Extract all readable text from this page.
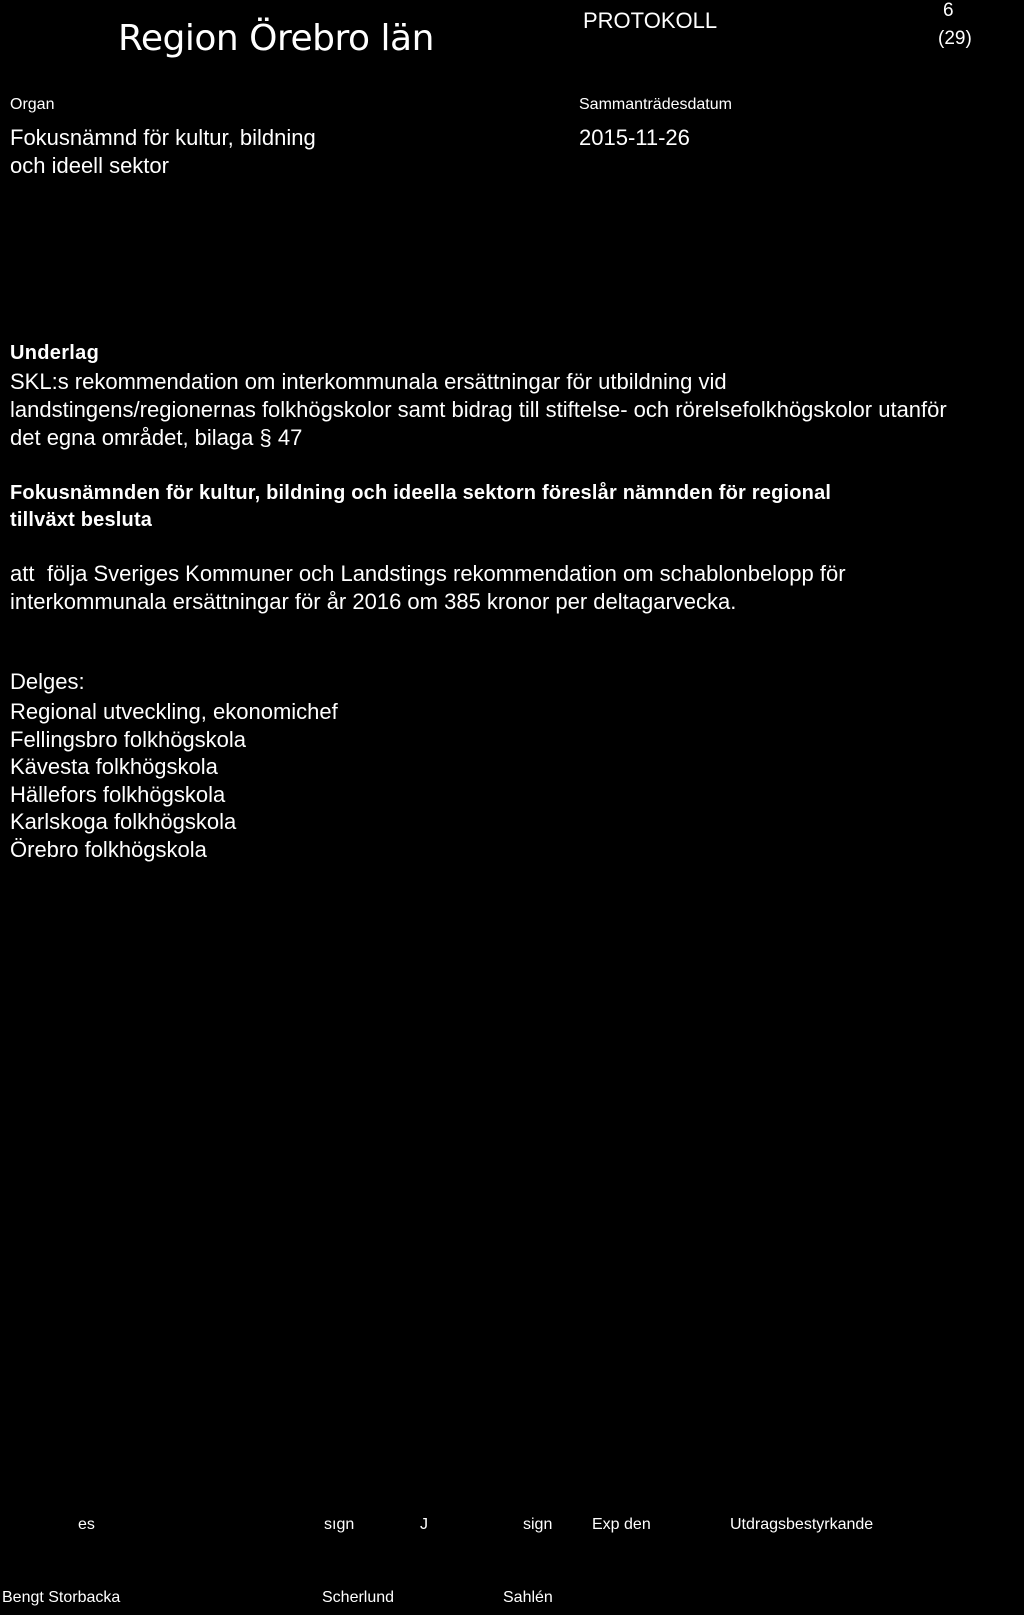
Region Örebro län	PROTOKOLL	6
(29)
Organ
Fokusnämnd för kultur, bildning
och ideell sektor
Sammanträdesdatum
2015-11-26
Underlag
SKL:s rekommendation om interkommunala ersättningar för utbildning vid
landstingens/regionernas folkhögskolor samt bidrag till stiftelse- och rörelsefolkhögskolor utanför
det egna området, bilaga § 47
Fokusnämnden för kultur, bildning och ideella sektorn föreslår nämnden för regional
tillväxt besluta
att följa Sveriges Kommuner och Landstings rekommendation om schablonbelopp för
interkommunala ersättningar för år 2016 om 385 kronor per deltagarvecka.
Delges:
Regional utveckling, ekonomichef
Fellingsbro folkhögskola
Kävesta folkhögskola
Hällefors folkhögskola
Karlskoga folkhögskola
Örebro folkhögskola
es	sıgn	J	sign Exp den	Utdragsbestyrkande
Bengt Storbacka	Scherlund	Sahlén
